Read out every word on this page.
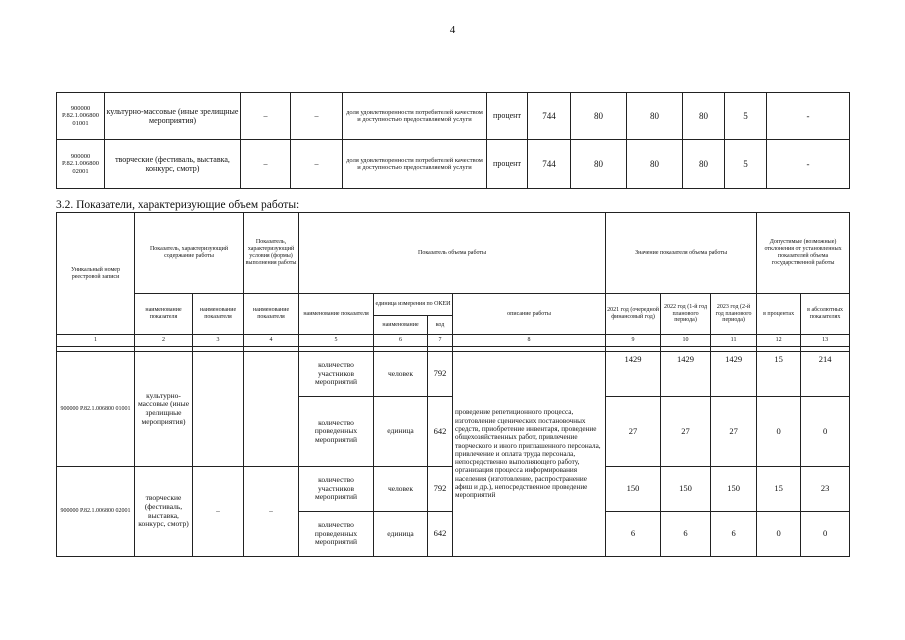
4
900000 Р.82.1.006800 01001	культурно-массовые (иные зрелищные мероприятия)	–	–	доля удовлетворенности потребителей качеством и доступностью предоставляемой услуги	процент	744	80	80	80	5	-
900000 Р.82.1.006800 02001	творческие (фестиваль, выставка, конкурс, смотр)	–	–	доля удовлетворенности потребителей качеством и доступностью предоставляемой услуги	процент	744	80	80	80	5	-
3.2. Показатели, характеризующие объем работы:
Уникальный номер реестровой записи	Показатель, характеризующий содержание работы		Показатель, характеризующий условия (формы) выполнения работы	Показатель объема работы				Значение показателя объема работы			Допустимые (возможные) отклонения от установленных показателей объема государственной работы	
	наименование показателя	наименование показателя	наименование показателя	наименование показателя	единица измерения по ОКЕИ		описание работы	2021 год (очередной финансовый год)	2022 год (1-й год планового периода)	2023 год (2-й год планового периода)	в процентах	в абсолютных показателях
					наименование	код						
1	2	3	4	5	6	7	8	9	10	11	12	13

900000 Р.82.1.006800 01001	культурно-массовые (иные зрелищные мероприятия)			количество участников мероприятий	человек	792	проведение репетиционного процесса, изготовление сценических постановочных средств, приобретение инвентаря, проведение общехозяйственных работ, привлечение творческого и иного приглашенного персонала, привлечение и оплата труда персонала, непосредственно выполняющего работу, организация процесса информирования населения (изготовление, распространение афиш и др.), непосредственное проведение мероприятий	1429	1429	1429	15	214
				количество проведенных мероприятий	единица	642		27	27	27	0	0
900000 Р.82.1.006800 02001	творческие (фестиваль, выставка, конкурс, смотр)	–	–	количество участников мероприятий	человек	792		150	150	150	15	23
				количество проведенных мероприятий	единица	642		6	6	6	0	0
